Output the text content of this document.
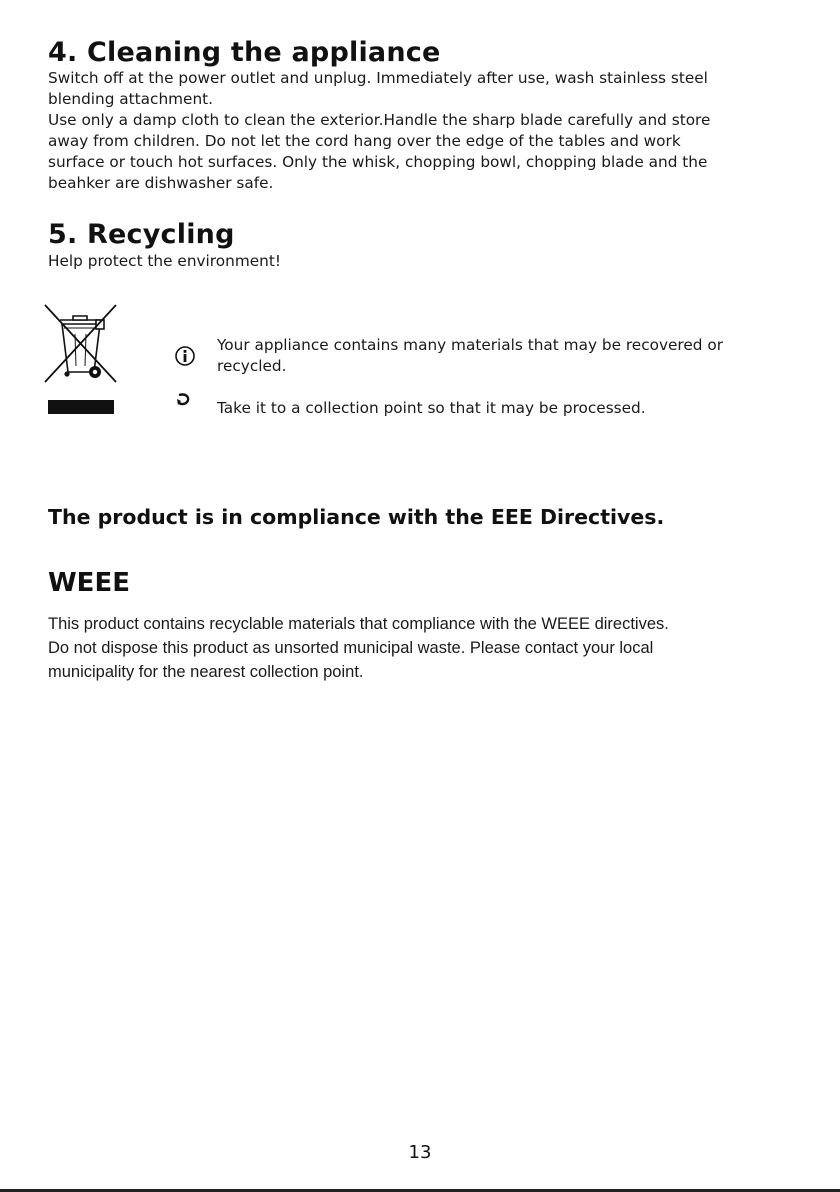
4. Cleaning the appliance

Switch off at the power outlet and unplug. Immediately after use, wash stainless steel
blending attachment.
Use only a damp cloth to clean the exterior.Handle the sharp blade carefully and store
away from children. Do not let the cord hang over the edge of the tables and work
surface or touch hot surfaces. Only the whisk, chopping bowl, chopping blade and the
beahker are dishwasher safe.

5. Recycling

Help protect the environment!

Your appliance contains many materials that may be recovered or
recycled.

Take it to a collection point so that it may be processed.

The product is in compliance with the EEE Directives.

WEEE

This product contains recyclable materials that compliance with the WEEE directives.
Do not dispose this product as unsorted municipal waste. Please contact your local
municipality for the nearest collection point.

13
